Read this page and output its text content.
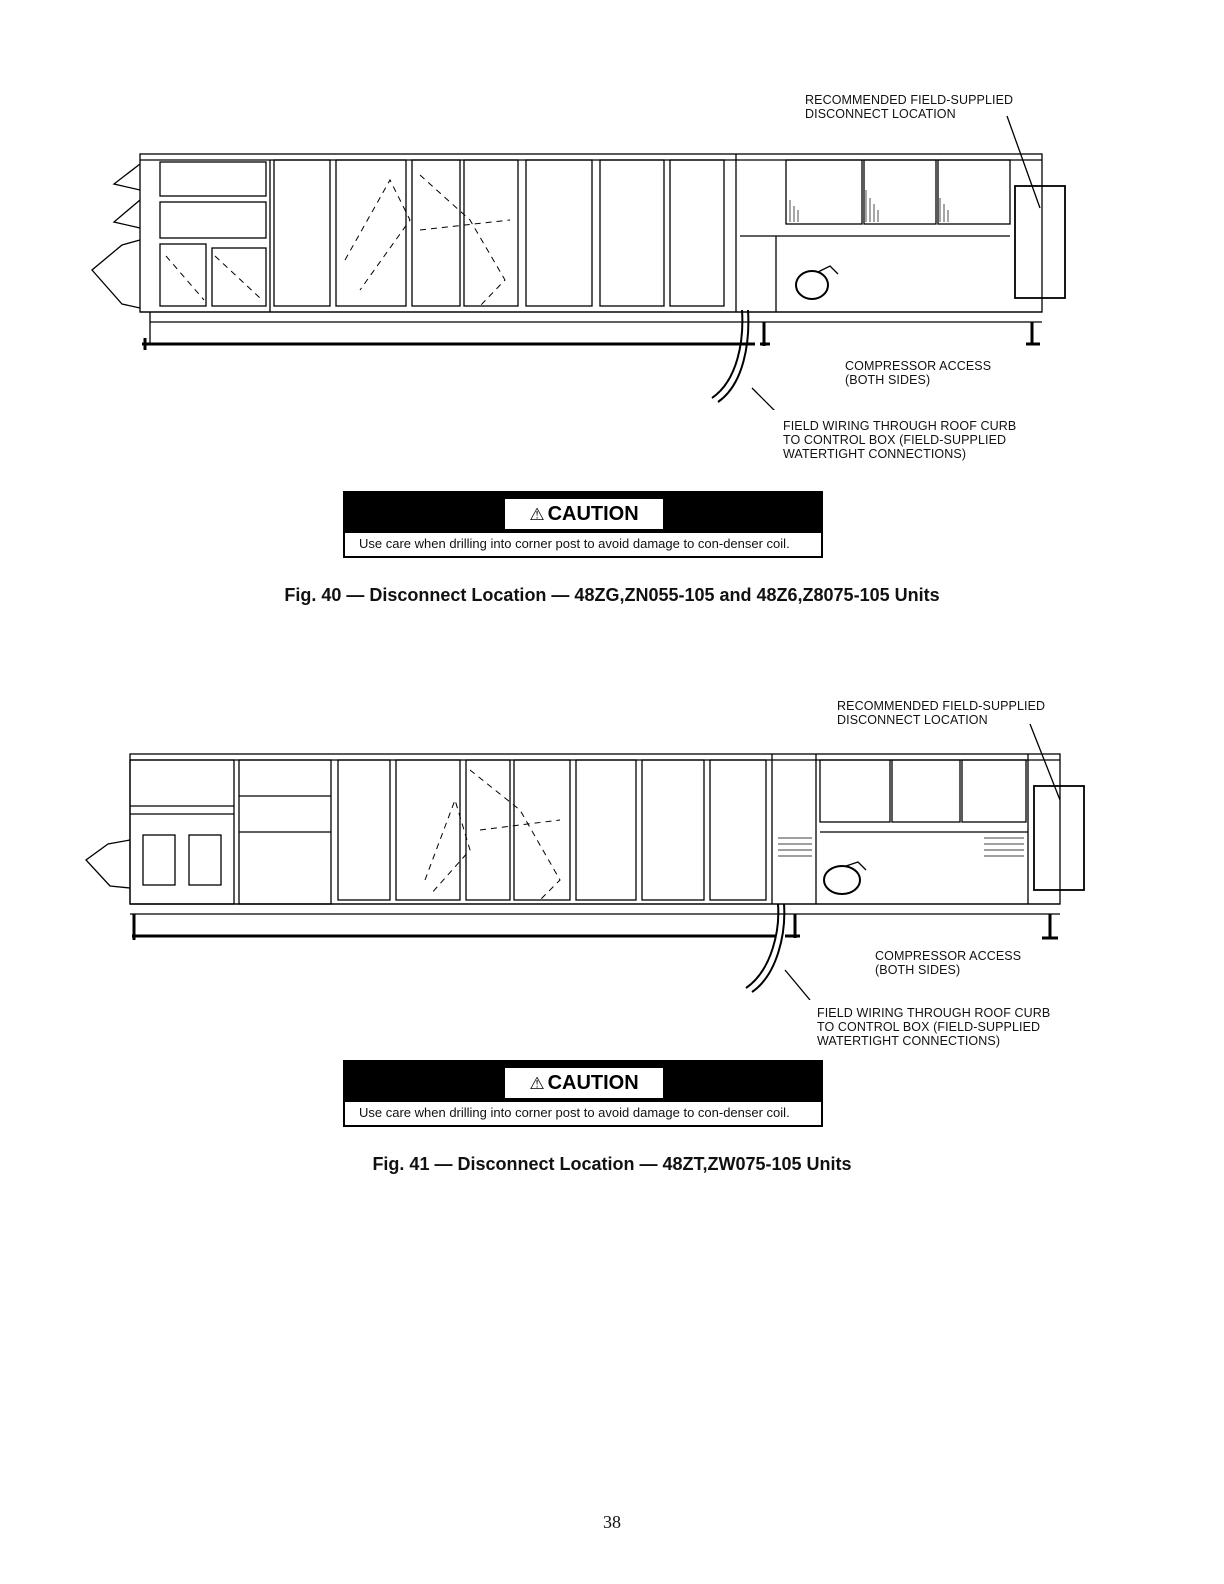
RECOMMENDED FIELD-SUPPLIED
DISCONNECT LOCATION
COMPRESSOR ACCESS
(BOTH SIDES)
FIELD WIRING THROUGH ROOF CURB
TO CONTROL BOX (FIELD-SUPPLIED
WATERTIGHT CONNECTIONS)
⚠ CAUTION
Use care when drilling into corner post to avoid damage to con-denser coil.
Fig. 40 — Disconnect Location — 48ZG,ZN055-105 and 48Z6,Z8075-105 Units
RECOMMENDED FIELD-SUPPLIED
DISCONNECT LOCATION
COMPRESSOR ACCESS
(BOTH SIDES)
FIELD WIRING THROUGH ROOF CURB
TO CONTROL BOX (FIELD-SUPPLIED
WATERTIGHT CONNECTIONS)
⚠ CAUTION
Use care when drilling into corner post to avoid damage to con-denser coil.
Fig. 41 — Disconnect Location — 48ZT,ZW075-105 Units
38
